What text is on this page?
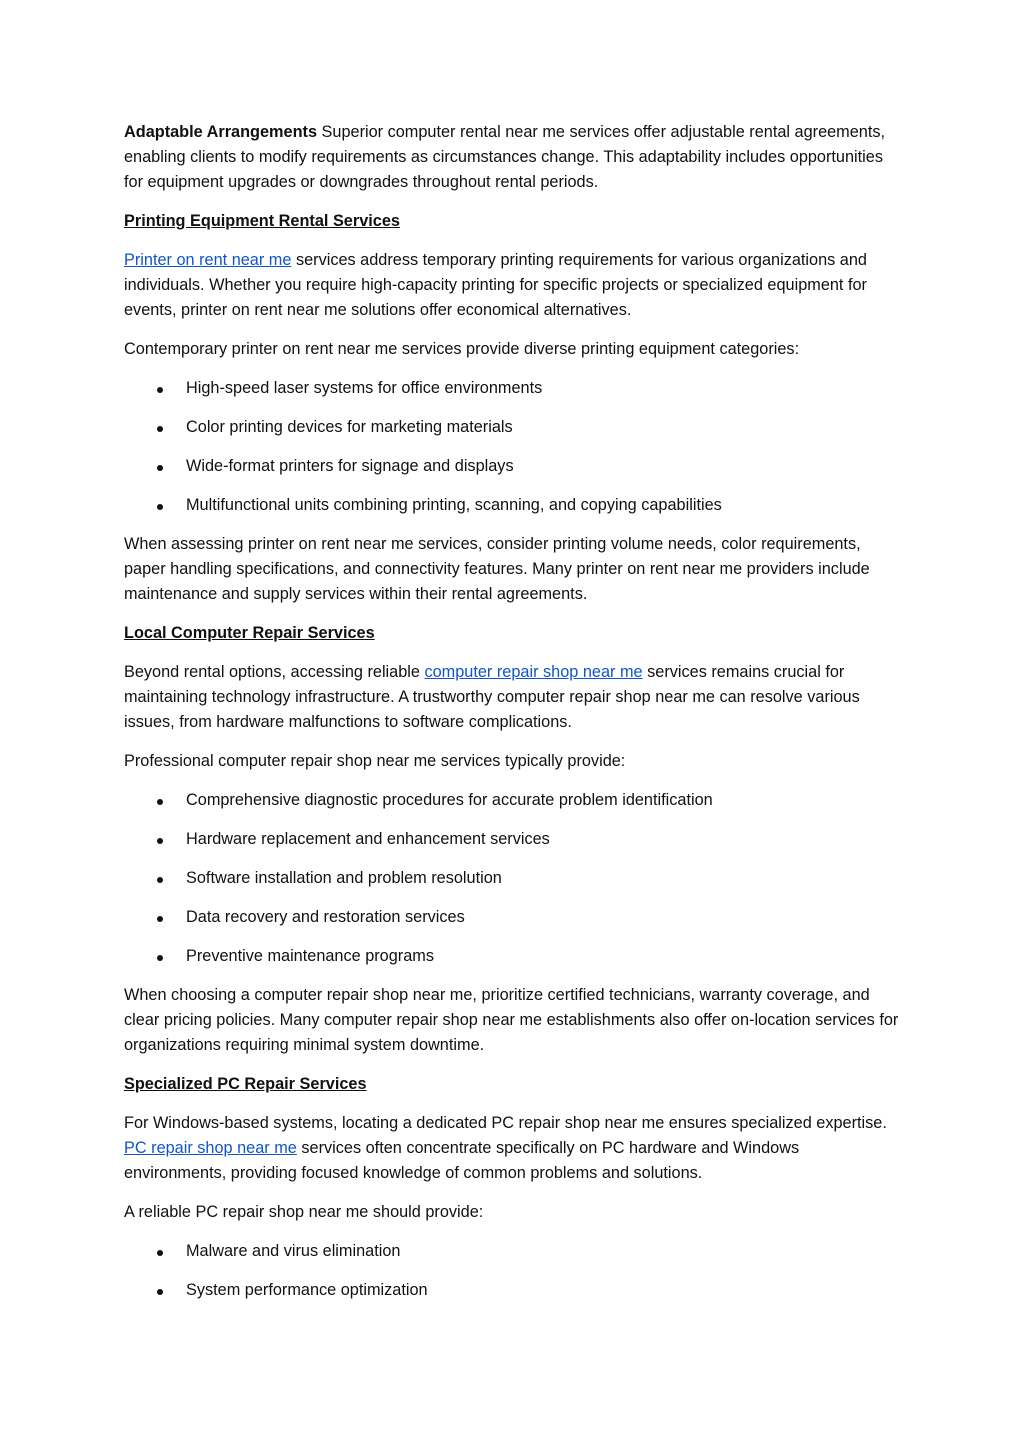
Adaptable Arrangements Superior computer rental near me services offer adjustable rental agreements, enabling clients to modify requirements as circumstances change. This adaptability includes opportunities for equipment upgrades or downgrades throughout rental periods.

Printing Equipment Rental Services

Printer on rent near me services address temporary printing requirements for various organizations and individuals. Whether you require high-capacity printing for specific projects or specialized equipment for events, printer on rent near me solutions offer economical alternatives.

Contemporary printer on rent near me services provide diverse printing equipment categories:

High-speed laser systems for office environments
Color printing devices for marketing materials
Wide-format printers for signage and displays
Multifunctional units combining printing, scanning, and copying capabilities

When assessing printer on rent near me services, consider printing volume needs, color requirements, paper handling specifications, and connectivity features. Many printer on rent near me providers include maintenance and supply services within their rental agreements.

Local Computer Repair Services

Beyond rental options, accessing reliable computer repair shop near me services remains crucial for maintaining technology infrastructure. A trustworthy computer repair shop near me can resolve various issues, from hardware malfunctions to software complications.

Professional computer repair shop near me services typically provide:

Comprehensive diagnostic procedures for accurate problem identification
Hardware replacement and enhancement services
Software installation and problem resolution
Data recovery and restoration services
Preventive maintenance programs

When choosing a computer repair shop near me, prioritize certified technicians, warranty coverage, and clear pricing policies. Many computer repair shop near me establishments also offer on-location services for organizations requiring minimal system downtime.

Specialized PC Repair Services

For Windows-based systems, locating a dedicated PC repair shop near me ensures specialized expertise. PC repair shop near me services often concentrate specifically on PC hardware and Windows environments, providing focused knowledge of common problems and solutions.

A reliable PC repair shop near me should provide:

Malware and virus elimination
System performance optimization
